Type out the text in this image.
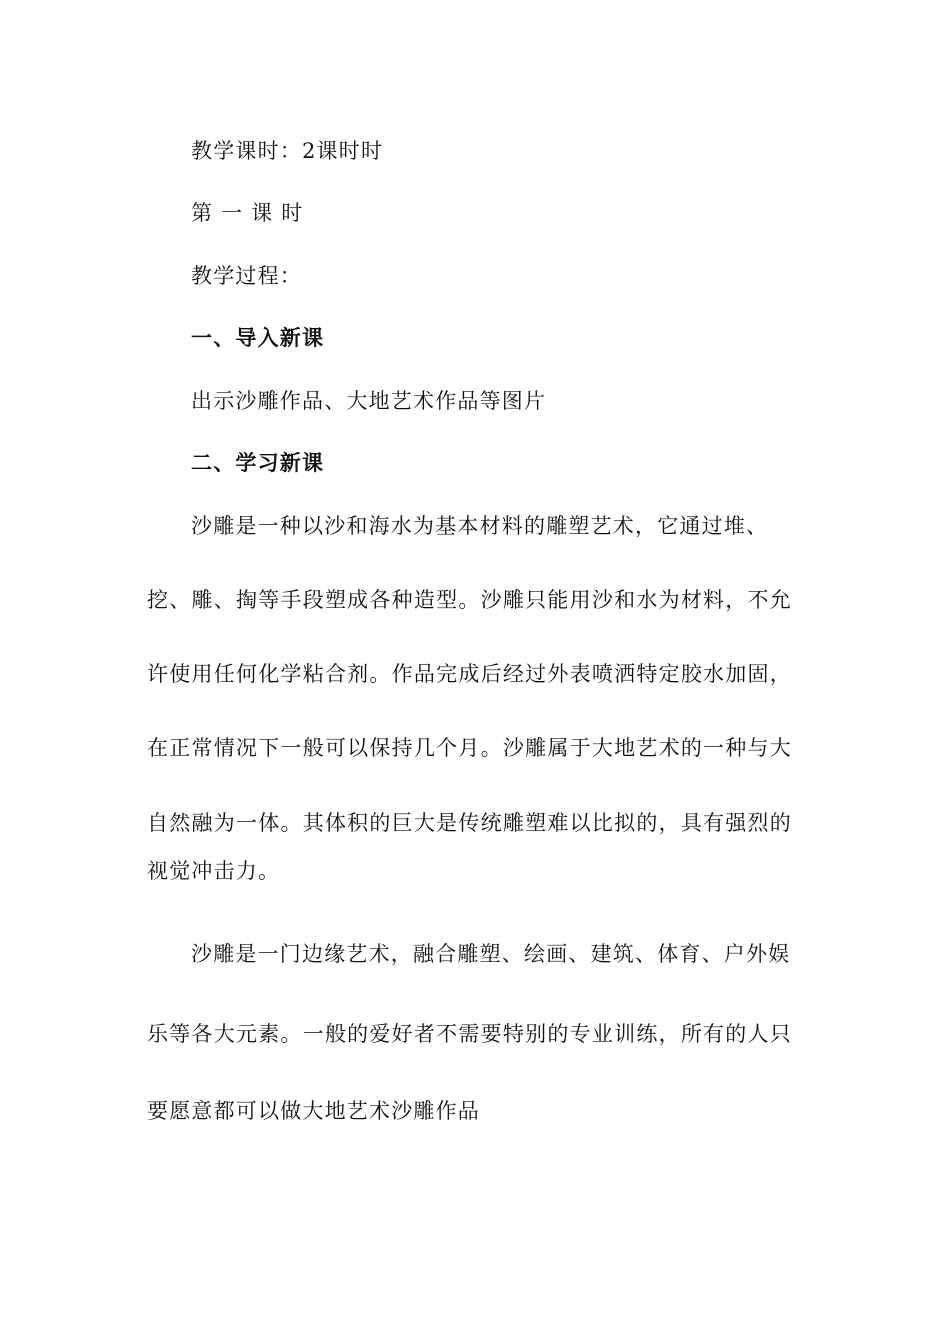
教学课时：2课时时

第 一 课 时

教学过程：

一、导入新课

出示沙雕作品、大地艺术作品等图片

二、学习新课

沙雕是一种以沙和海水为基本材料的雕塑艺术，它通过堆、

挖、雕、掏等手段塑成各种造型。沙雕只能用沙和水为材料，不允

许使用任何化学粘合剂。作品完成后经过外表喷洒特定胶水加固，

在正常情况下一般可以保持几个月。沙雕属于大地艺术的一种与大

自然融为一体。其体积的巨大是传统雕塑难以比拟的，具有强烈的

视觉冲击力。

沙雕是一门边缘艺术，融合雕塑、绘画、建筑、体育、户外娱

乐等各大元素。一般的爱好者不需要特别的专业训练，所有的人只

要愿意都可以做大地艺术沙雕作品
